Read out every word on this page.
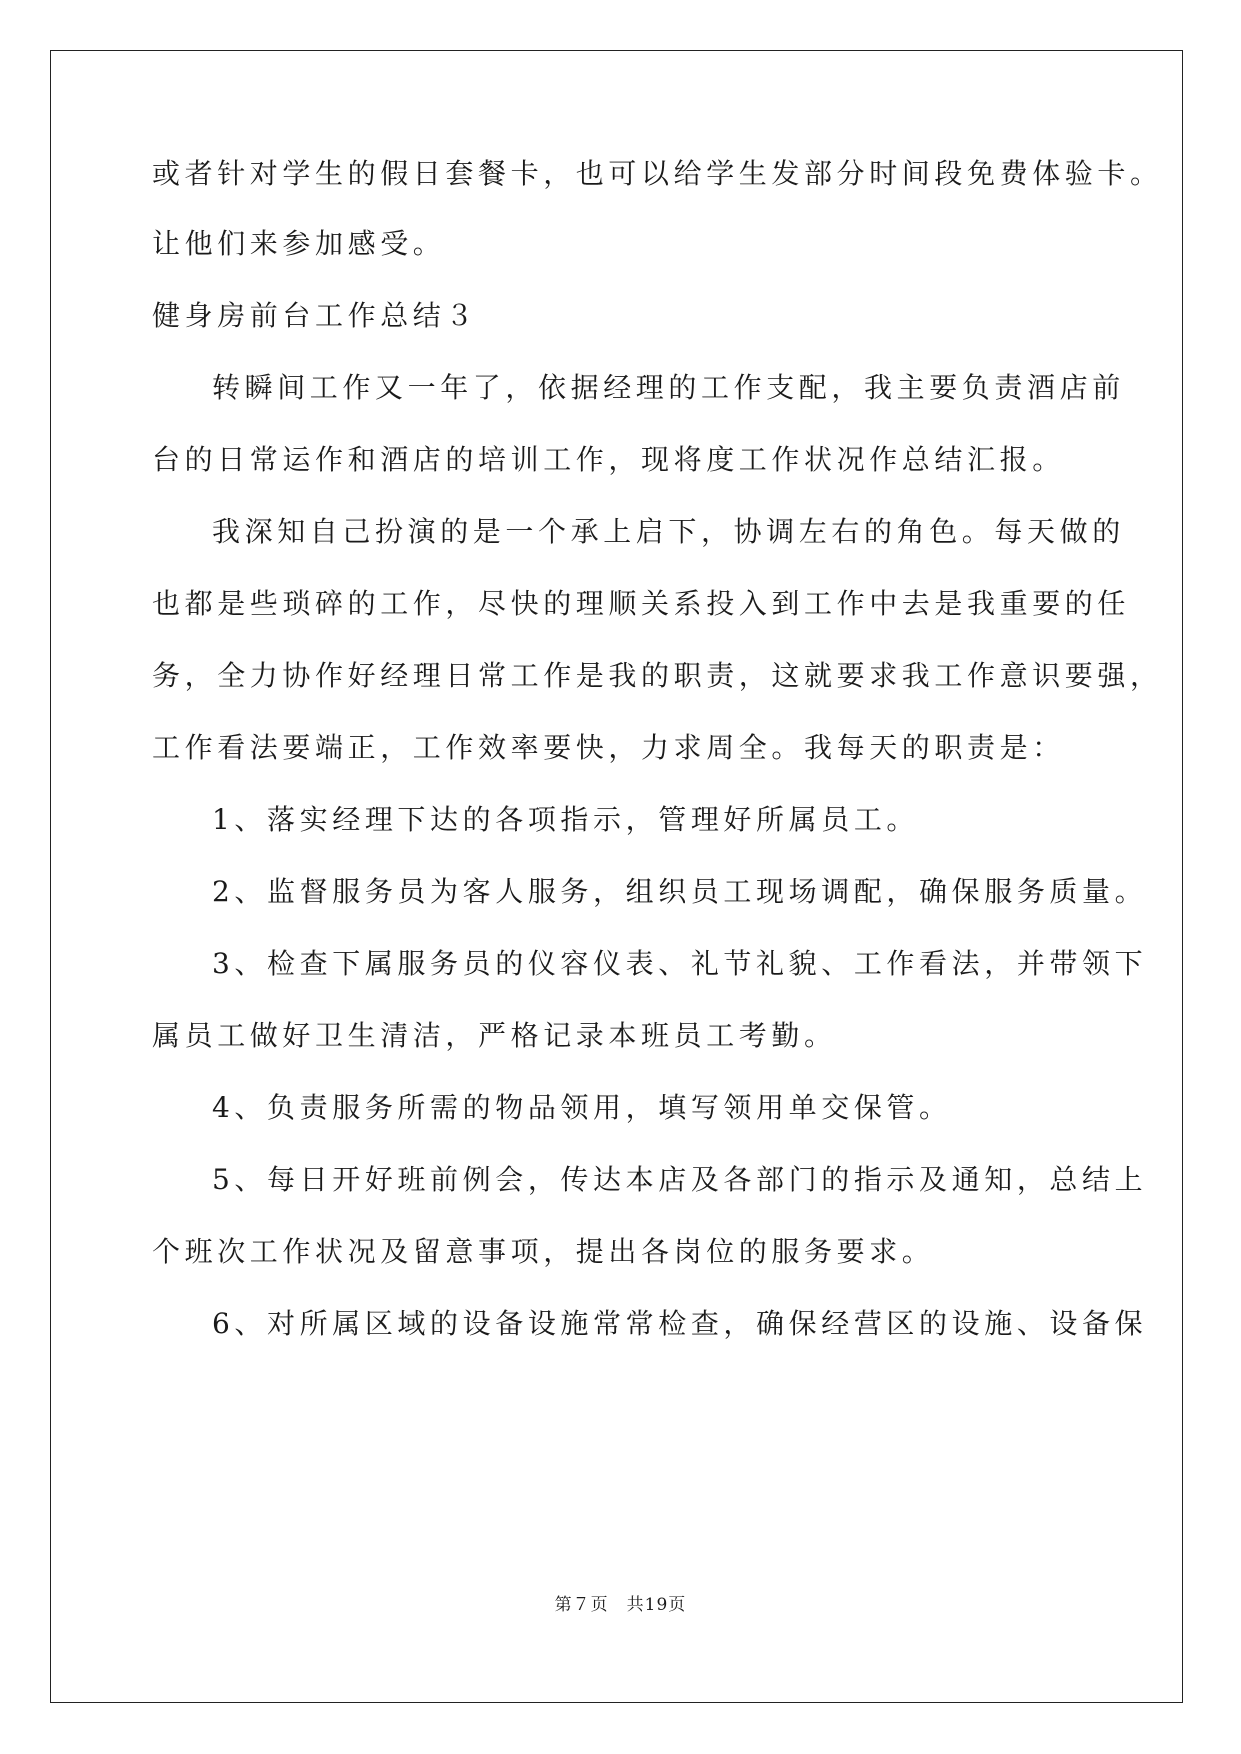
或者针对学生的假日套餐卡，也可以给学生发部分时间段免费体验卡。
让他们来参加感受。
健身房前台工作总结３
转瞬间工作又一年了，依据经理的工作支配，我主要负责酒店前
台的日常运作和酒店的培训工作，现将度工作状况作总结汇报。
我深知自己扮演的是一个承上启下，协调左右的角色。每天做的
也都是些琐碎的工作，尽快的理顺关系投入到工作中去是我重要的任
务，全力协作好经理日常工作是我的职责，这就要求我工作意识要强，
工作看法要端正，工作效率要快，力求周全。我每天的职责是：
1、落实经理下达的各项指示，管理好所属员工。
2、监督服务员为客人服务，组织员工现场调配，确保服务质量。
3、检查下属服务员的仪容仪表、礼节礼貌、工作看法，并带领下
属员工做好卫生清洁，严格记录本班员工考勤。
4、负责服务所需的物品领用，填写领用单交保管。
5、每日开好班前例会，传达本店及各部门的指示及通知，总结上
个班次工作状况及留意事项，提出各岗位的服务要求。
6、对所属区域的设备设施常常检查，确保经营区的设施、设备保
第７页　共19页
